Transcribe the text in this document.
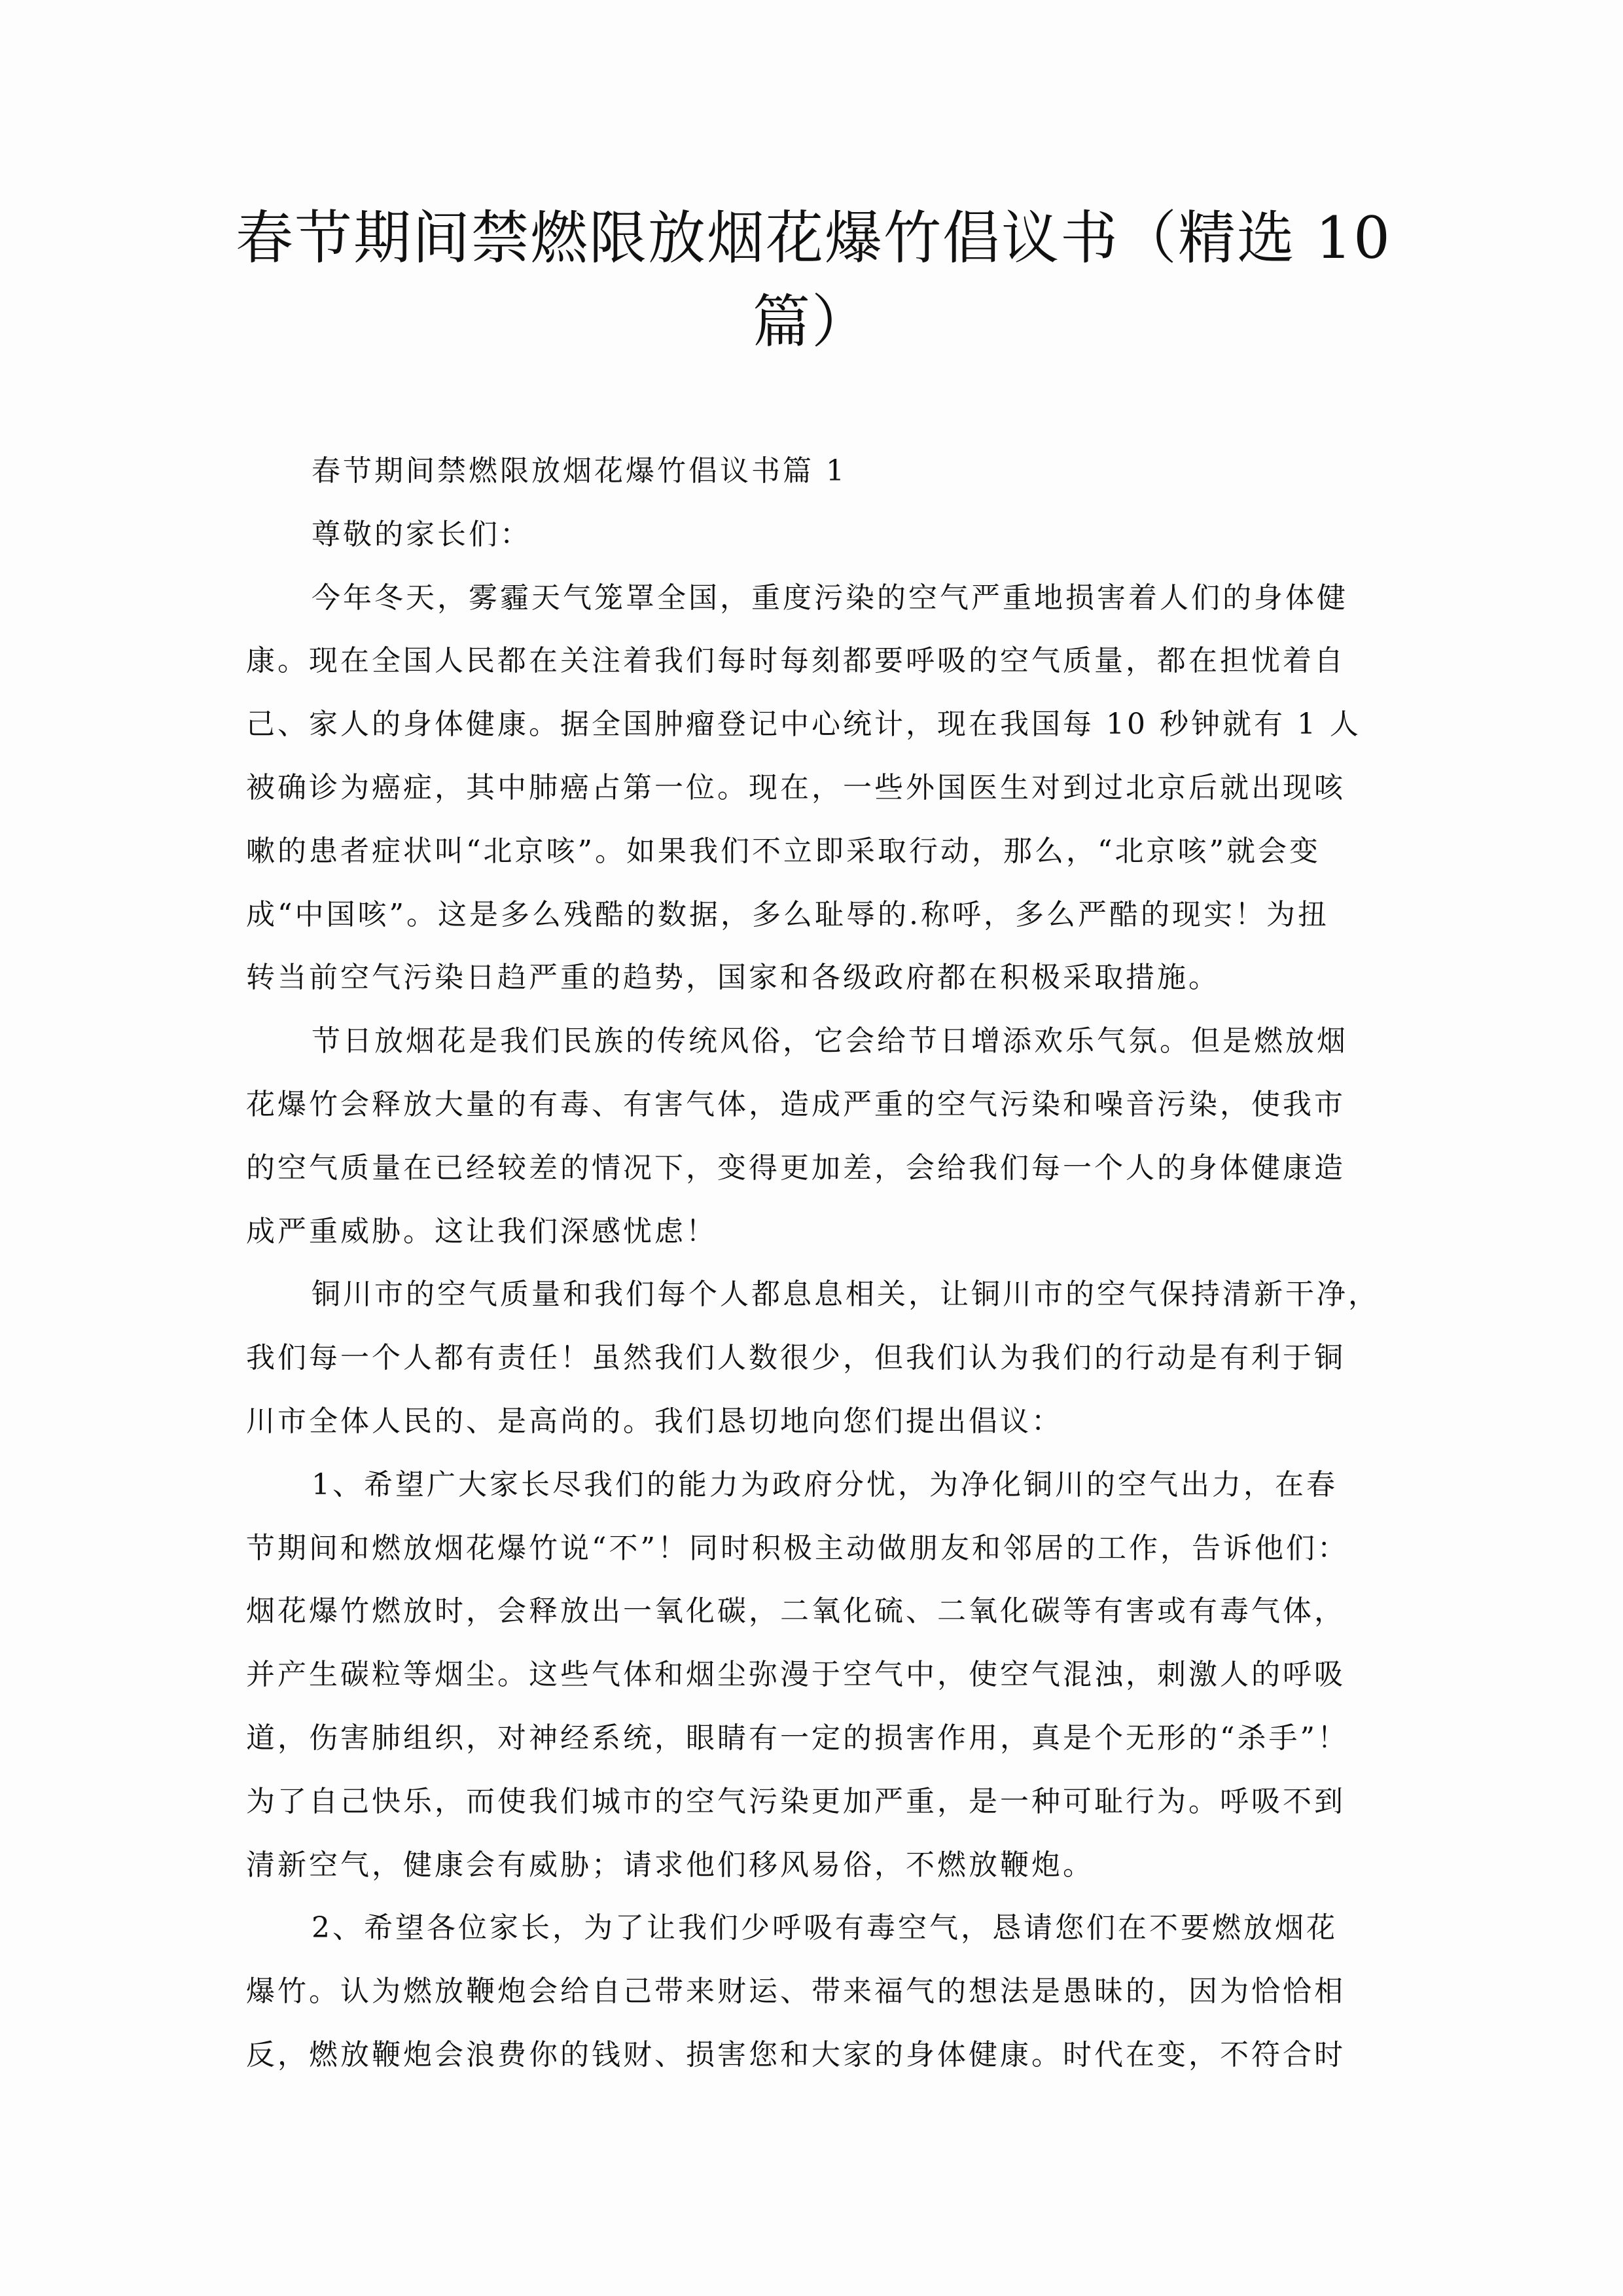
春节期间禁燃限放烟花爆竹倡议书（精选 10
篇）
春节期间禁燃限放烟花爆竹倡议书篇 1
尊敬的家长们：
今年冬天，雾霾天气笼罩全国，重度污染的空气严重地损害着人们的身体健
康。现在全国人民都在关注着我们每时每刻都要呼吸的空气质量，都在担忧着自
己、家人的身体健康。据全国肿瘤登记中心统计，现在我国每 10 秒钟就有 1 人
被确诊为癌症，其中肺癌占第一位。现在，一些外国医生对到过北京后就出现咳
嗽的患者症状叫“北京咳”。如果我们不立即采取行动，那么，“北京咳”就会变
成“中国咳”。这是多么残酷的数据，多么耻辱的.称呼，多么严酷的现实！为扭
转当前空气污染日趋严重的趋势，国家和各级政府都在积极采取措施。
节日放烟花是我们民族的传统风俗，它会给节日增添欢乐气氛。但是燃放烟
花爆竹会释放大量的有毒、有害气体，造成严重的空气污染和噪音污染，使我市
的空气质量在已经较差的情况下，变得更加差，会给我们每一个人的身体健康造
成严重威胁。这让我们深感忧虑！
铜川市的空气质量和我们每个人都息息相关，让铜川市的空气保持清新干净，
我们每一个人都有责任！虽然我们人数很少，但我们认为我们的行动是有利于铜
川市全体人民的、是高尚的。我们恳切地向您们提出倡议：
1、希望广大家长尽我们的能力为政府分忧，为净化铜川的空气出力，在春
节期间和燃放烟花爆竹说“不”！同时积极主动做朋友和邻居的工作，告诉他们：
烟花爆竹燃放时，会释放出一氧化碳，二氧化硫、二氧化碳等有害或有毒气体，
并产生碳粒等烟尘。这些气体和烟尘弥漫于空气中，使空气混浊，刺激人的呼吸
道，伤害肺组织，对神经系统，眼睛有一定的损害作用，真是个无形的“杀手”！
为了自己快乐，而使我们城市的空气污染更加严重，是一种可耻行为。呼吸不到
清新空气，健康会有威胁；请求他们移风易俗，不燃放鞭炮。
2、希望各位家长，为了让我们少呼吸有毒空气，恳请您们在不要燃放烟花
爆竹。认为燃放鞭炮会给自己带来财运、带来福气的想法是愚昧的，因为恰恰相
反，燃放鞭炮会浪费你的钱财、损害您和大家的身体健康。时代在变，不符合时
